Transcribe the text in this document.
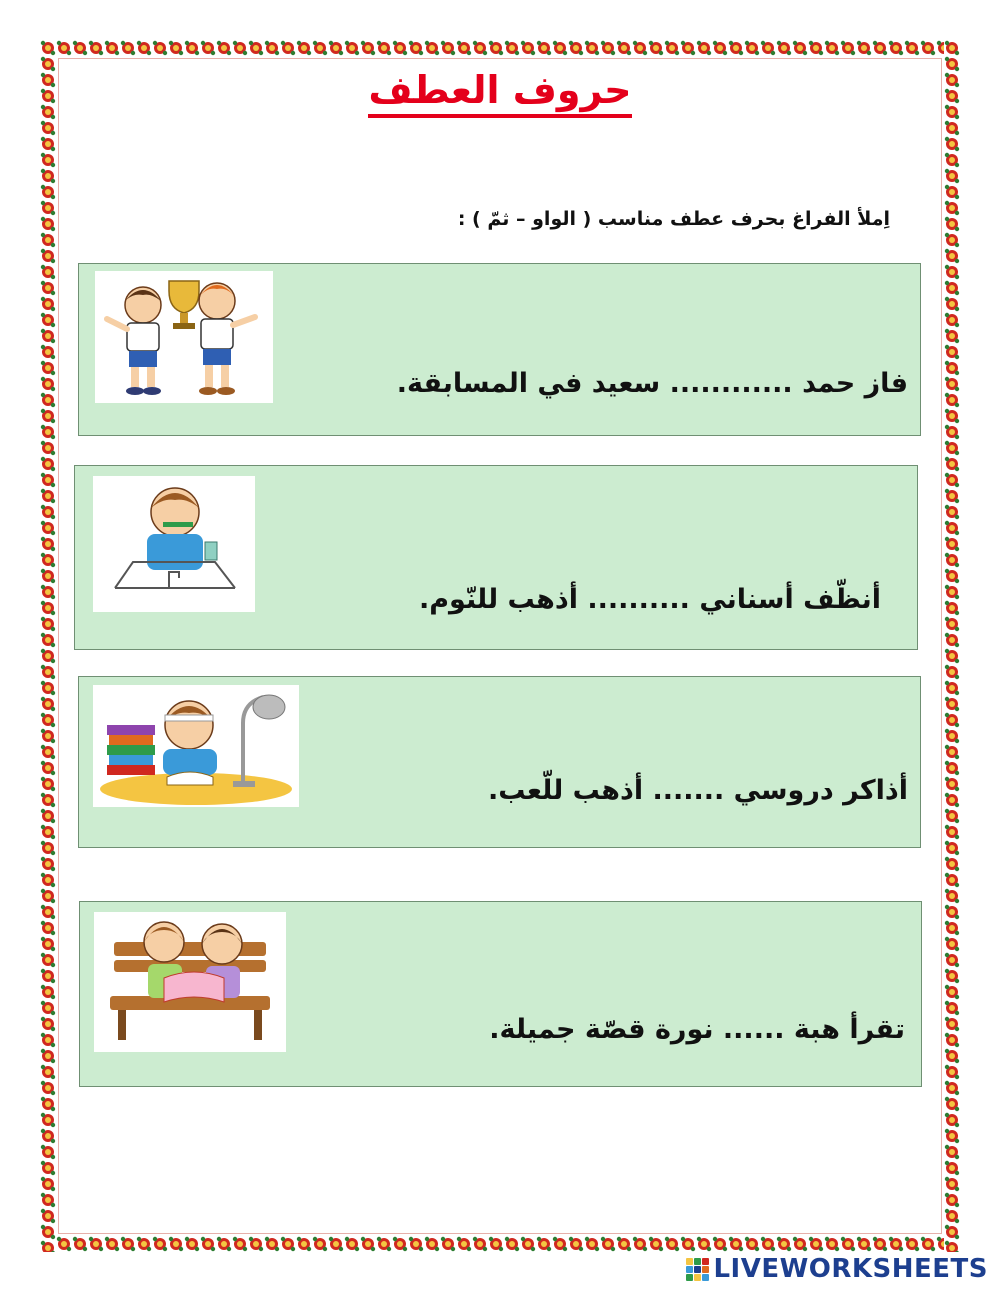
حروف العطف
اِملأ الفراغ بحرف عطف مناسب ( الواو – ثمّ ) :
فاز حمد ............ سعيد في المسابقة.
أنظّف أسناني .......... أذهب للنّوم.
أذاكر دروسي ....... أذهب للّعب.
تقرأ هبة ...... نورة قصّة جميلة.
LIVEWORKSHEETS
